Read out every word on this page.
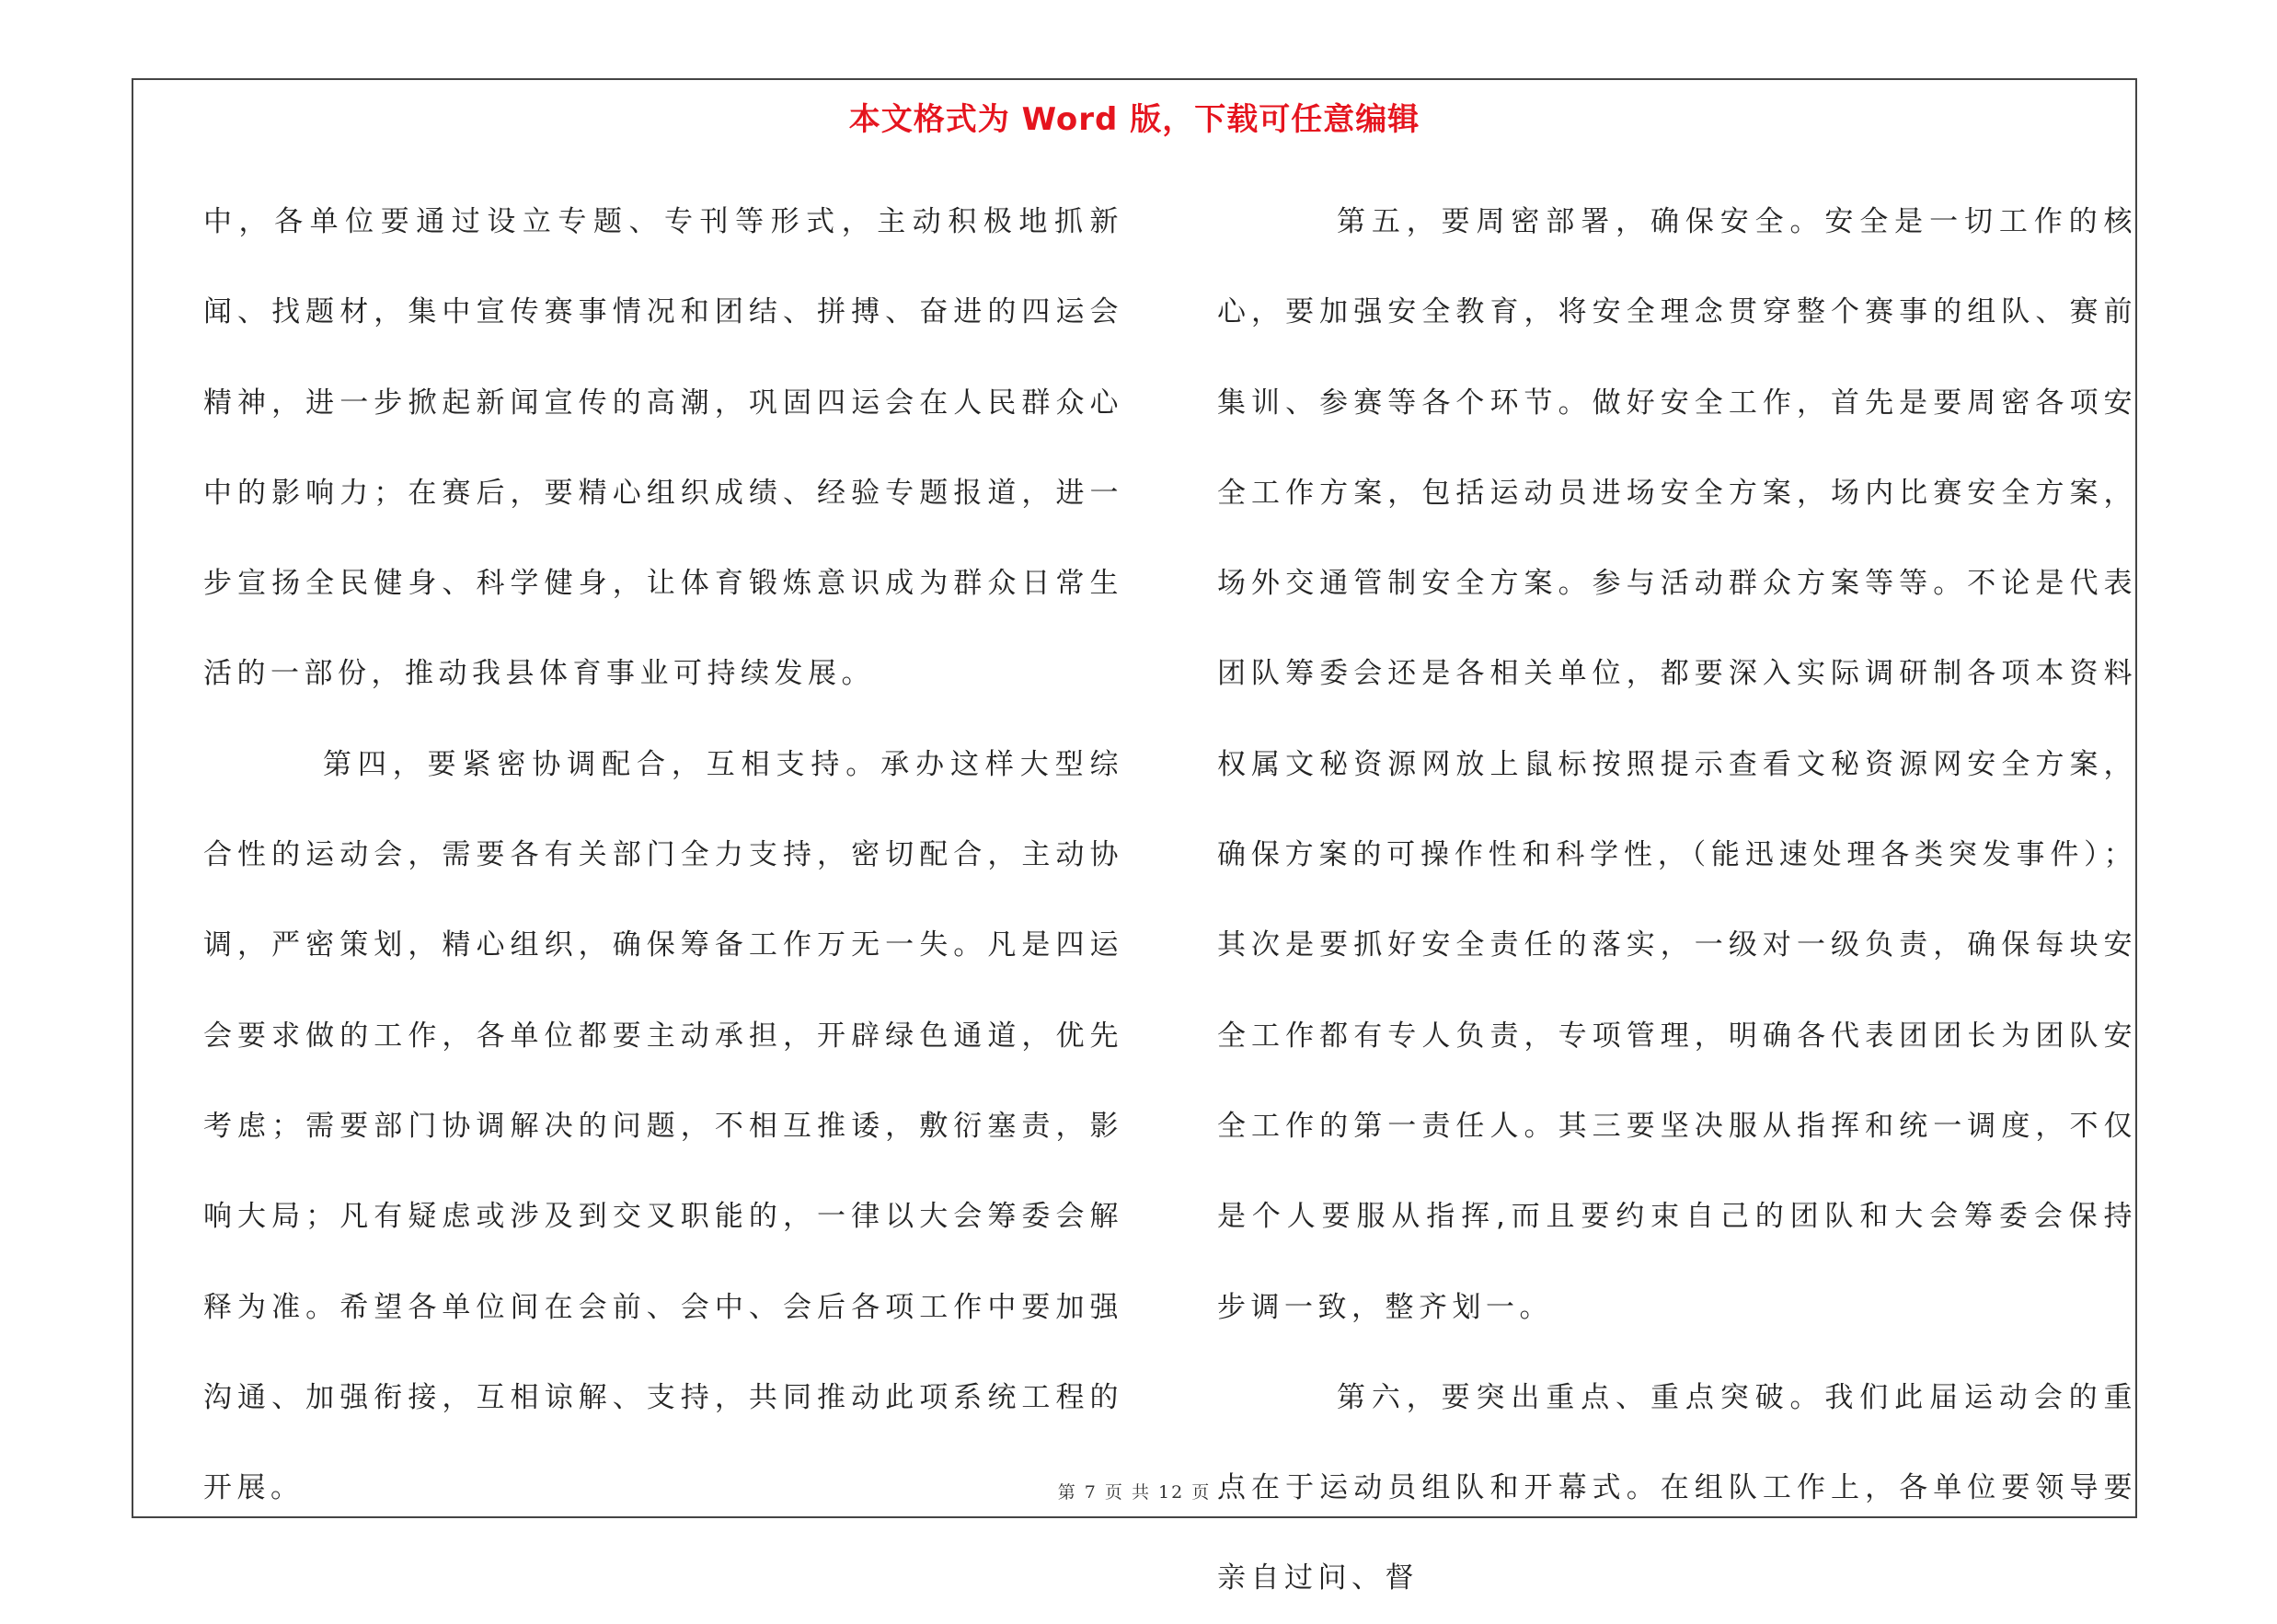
本文格式为 Word 版，下载可任意编辑

中，各单位要通过设立专题、专刊等形式，主动积极地抓新闻、找题材，集中宣传赛事情况和团结、拼搏、奋进的四运会精神，进一步掀起新闻宣传的高潮，巩固四运会在人民群众心中的影响力；在赛后，要精心组织成绩、经验专题报道，进一步宣扬全民健身、科学健身，让体育锻炼意识成为群众日常生活的一部份，推动我县体育事业可持续发展。

第四，要紧密协调配合，互相支持。承办这样大型综合性的运动会，需要各有关部门全力支持，密切配合，主动协调，严密策划，精心组织，确保筹备工作万无一失。凡是四运会要求做的工作，各单位都要主动承担，开辟绿色通道，优先考虑；需要部门协调解决的问题，不相互推诿，敷衍塞责，影响大局；凡有疑虑或涉及到交叉职能的，一律以大会筹委会解释为准。希望各单位间在会前、会中、会后各项工作中要加强沟通、加强衔接，互相谅解、支持，共同推动此项系统工程的开展。

第五，要周密部署，确保安全。安全是一切工作的核心，要加强安全教育，将安全理念贯穿整个赛事的组队、赛前集训、参赛等各个环节。做好安全工作，首先是要周密各项安全工作方案，包括运动员进场安全方案，场内比赛安全方案，场外交通管制安全方案。参与活动群众方案等等。不论是代表团队筹委会还是各相关单位，都要深入实际调研制各项本资料权属文秘资源网放上鼠标按照提示查看文秘资源网安全方案，确保方案的可操作性和科学性，（能迅速处理各类突发事件）；其次是要抓好安全责任的落实，一级对一级负责，确保每块安全工作都有专人负责，专项管理，明确各代表团团长为团队安全工作的第一责任人。其三要坚决服从指挥和统一调度，不仅是个人要服从指挥,而且要约束自己的团队和大会筹委会保持步调一致，整齐划一。

第六，要突出重点、重点突破。我们此届运动会的重点在于运动员组队和开幕式。在组队工作上，各单位要领导要亲自过问、督

第 7 页 共 12 页
